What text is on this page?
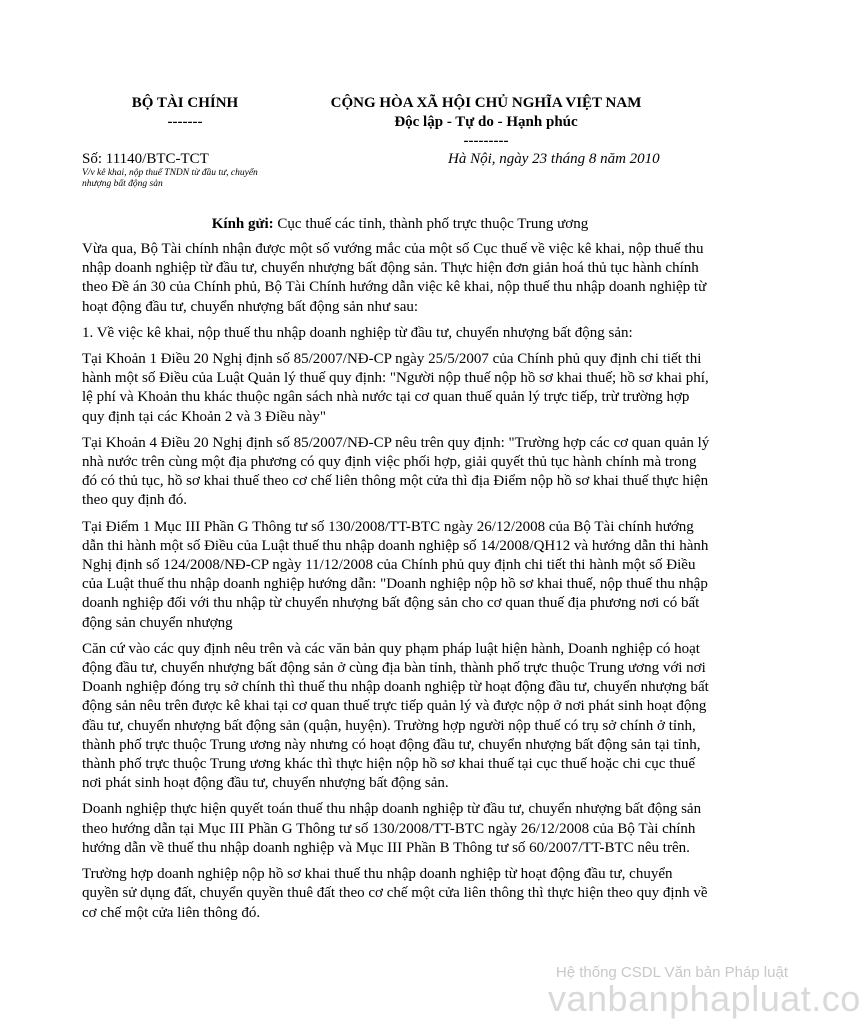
BỘ TÀI CHÍNH
-------
CỘNG HÒA XÃ HỘI CHỦ NGHĨA VIỆT NAM
Độc lập - Tự do - Hạnh phúc
---------
Số: 11140/BTC-TCT
V/v kê khai, nộp thuế TNDN từ đầu tư, chuyển nhượng bất động sản
Hà Nội, ngày 23 tháng 8 năm 2010
Kính gửi: Cục thuế các tỉnh, thành phố trực thuộc Trung ương

Vừa qua, Bộ Tài chính nhận được một số vướng mắc của một số Cục thuế về việc kê khai, nộp thuế thu nhập doanh nghiệp từ đầu tư, chuyển nhượng bất động sản. Thực hiện đơn giản hoá thủ tục hành chính theo Đề án 30 của Chính phủ, Bộ Tài Chính hướng dẫn việc kê khai, nộp thuế thu nhập doanh nghiệp từ hoạt động đầu tư, chuyển nhượng bất động sản như sau:

1. Về việc kê khai, nộp thuế thu nhập doanh nghiệp từ đầu tư, chuyển nhượng bất động sản:

Tại Khoản 1 Điều 20 Nghị định số 85/2007/NĐ-CP ngày 25/5/2007 của Chính phủ quy định chi tiết thi hành một số Điều của Luật Quản lý thuế quy định: "Người nộp thuế nộp hồ sơ khai thuế; hồ sơ khai phí, lệ phí và Khoản thu khác thuộc ngân sách nhà nước tại cơ quan thuế quản lý trực tiếp, trừ trường hợp quy định tại các Khoản 2 và 3 Điều này"

Tại Khoản 4 Điều 20 Nghị định số 85/2007/NĐ-CP nêu trên quy định: "Trường hợp các cơ quan quản lý nhà nước trên cùng một địa phương có quy định việc phối hợp, giải quyết thủ tục hành chính mà trong đó có thủ tục, hồ sơ khai thuế theo cơ chế liên thông một cửa thì địa Điểm nộp hồ sơ khai thuế thực hiện theo quy định đó.

Tại Điểm 1 Mục III Phần G Thông tư số 130/2008/TT-BTC ngày 26/12/2008 của Bộ Tài chính hướng dẫn thi hành một số Điều của Luật thuế thu nhập doanh nghiệp số 14/2008/QH12 và hướng dẫn thi hành Nghị định số 124/2008/NĐ-CP ngày 11/12/2008 của Chính phủ quy định chi tiết thi hành một số Điều của Luật thuế thu nhập doanh nghiệp hướng dẫn: "Doanh nghiệp nộp hồ sơ khai thuế, nộp thuế thu nhập doanh nghiệp đối với thu nhập từ chuyển nhượng bất động sản cho cơ quan thuế địa phương nơi có bất động sản chuyển nhượng

Căn cứ vào các quy định nêu trên và các văn bản quy phạm pháp luật hiện hành, Doanh nghiệp có hoạt động đầu tư, chuyển nhượng bất động sản ở cùng địa bàn tỉnh, thành phố trực thuộc Trung ương với nơi Doanh nghiệp đóng trụ sở chính thì thuế thu nhập doanh nghiệp từ hoạt động đầu tư, chuyển nhượng bất động sản nêu trên được kê khai tại cơ quan thuế trực tiếp quản lý và được nộp ở nơi phát sinh hoạt động đầu tư, chuyển nhượng bất động sản (quận, huyện). Trường hợp người nộp thuế có trụ sở chính ở tỉnh, thành phố trực thuộc Trung ương này nhưng có hoạt động đầu tư, chuyển nhượng bất động sản tại tỉnh, thành phố trực thuộc Trung ương khác thì thực hiện nộp hồ sơ khai thuế tại cục thuế hoặc chi cục thuế nơi phát sinh hoạt động đầu tư, chuyển nhượng bất động sản.

Doanh nghiệp thực hiện quyết toán thuế thu nhập doanh nghiệp từ đầu tư, chuyển nhượng bất động sản theo hướng dẫn tại Mục III Phần G Thông tư số 130/2008/TT-BTC ngày 26/12/2008 của Bộ Tài chính hướng dẫn về thuế thu nhập doanh nghiệp và Mục III Phần B Thông tư số 60/2007/TT-BTC nêu trên.

Trường hợp doanh nghiệp nộp hồ sơ khai thuế thu nhập doanh nghiệp từ hoạt động đầu tư, chuyển quyền sử dụng đất, chuyển quyền thuê đất theo cơ chế một cửa liên thông thì thực hiện theo quy định về cơ chế một cửa liên thông đó.

Hệ thống CSDL Văn bản Pháp luật
vanbanphapluat.co
